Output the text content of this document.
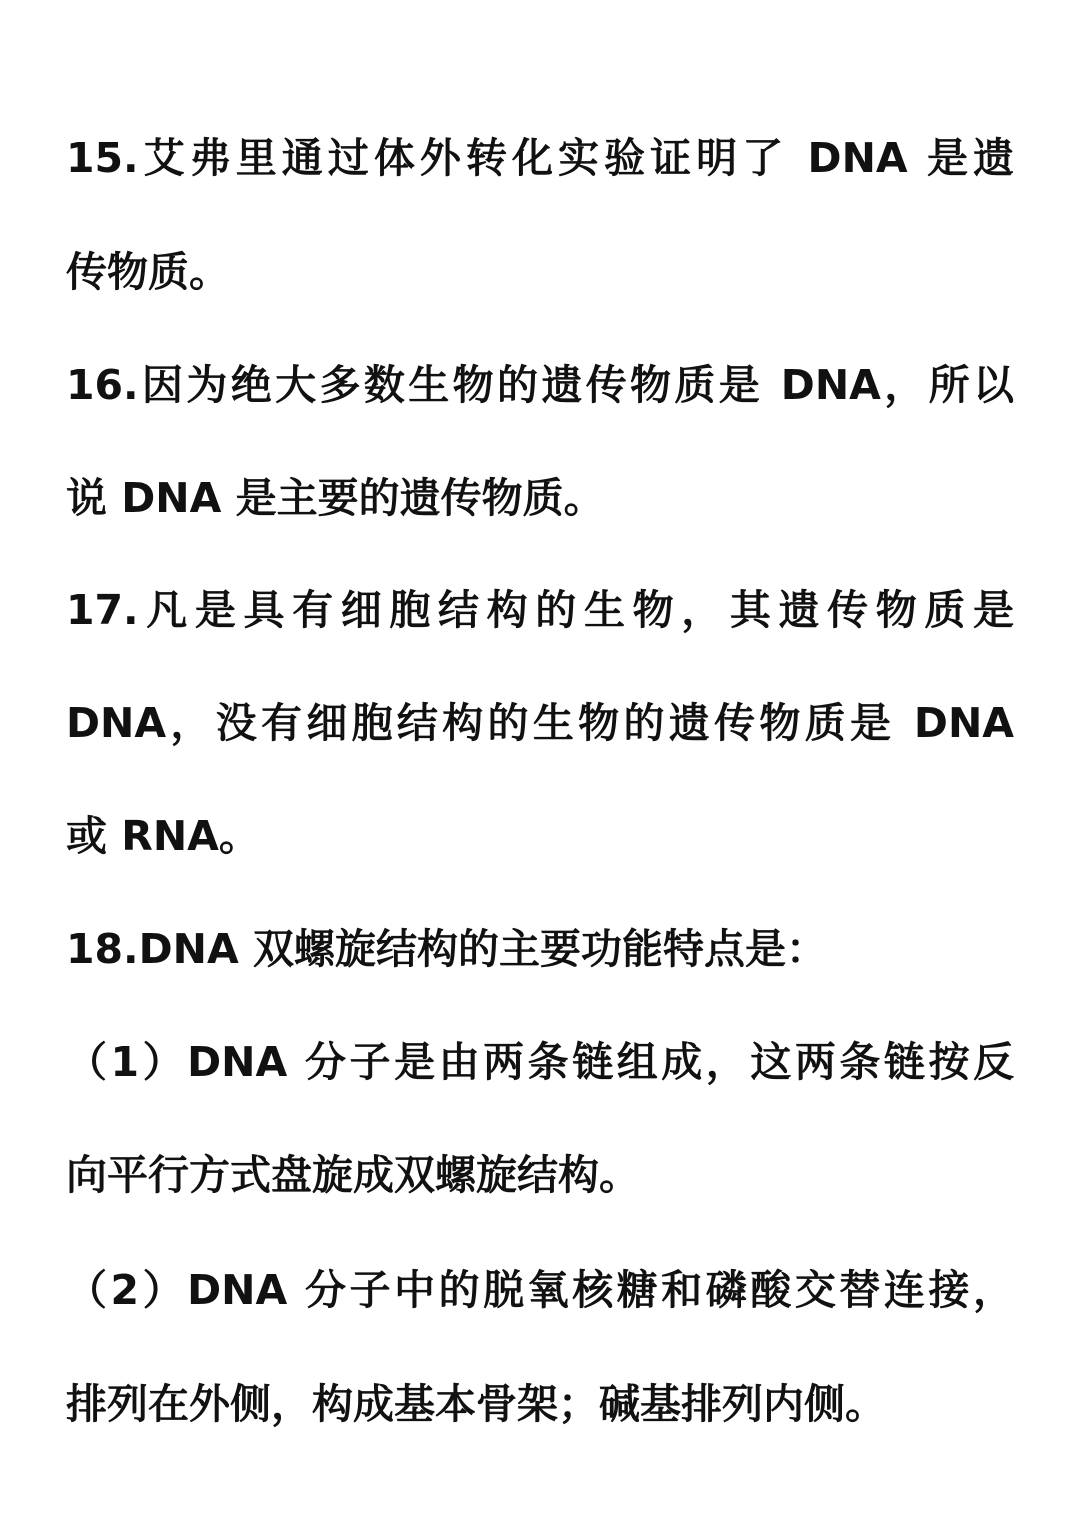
15.艾弗里通过体外转化实验证明了 DNA 是遗
传物质。
16.因为绝大多数生物的遗传物质是 DNA，所以
说 DNA 是主要的遗传物质。
17.凡是具有细胞结构的生物，其遗传物质是
DNA，没有细胞结构的生物的遗传物质是 DNA
或 RNA。
18.DNA 双螺旋结构的主要功能特点是：
（1）DNA 分子是由两条链组成，这两条链按反
向平行方式盘旋成双螺旋结构。
（2）DNA 分子中的脱氧核糖和磷酸交替连接，
排列在外侧，构成基本骨架；碱基排列内侧。
